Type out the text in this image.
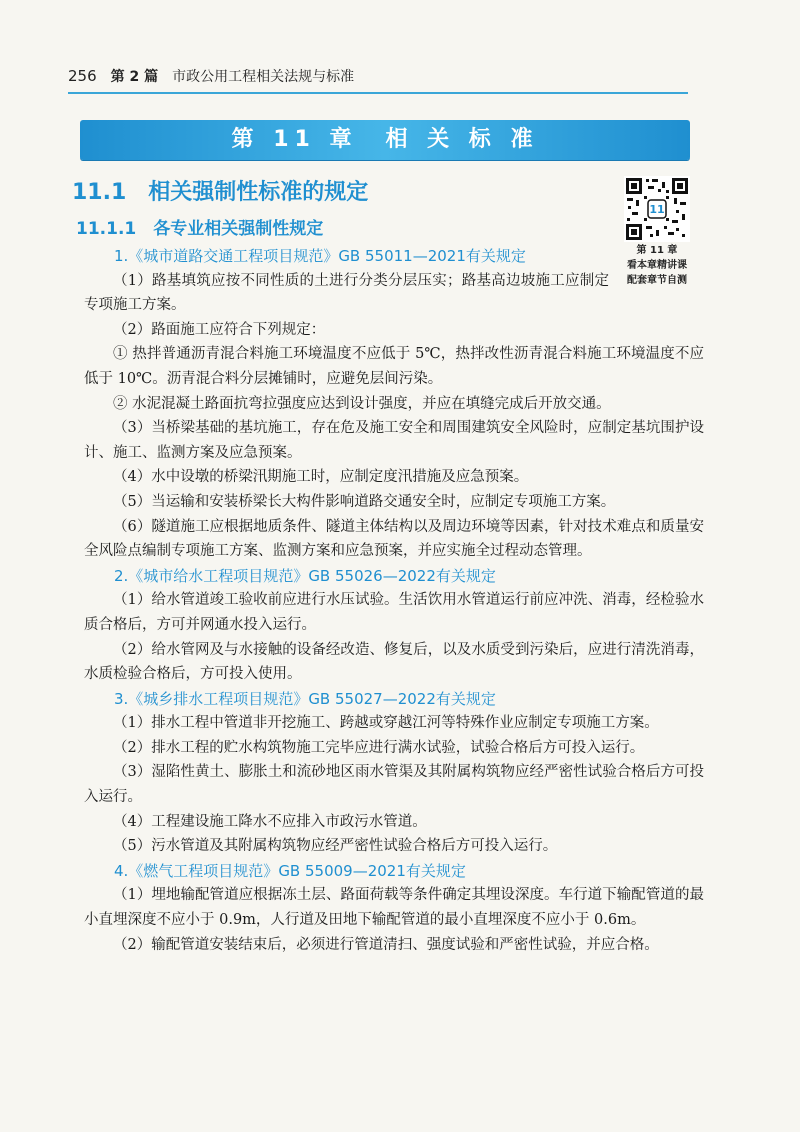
256 第 2 篇 市政公用工程相关法规与标准
第 11 章　相 关 标 准
11.1　相关强制性标准的规定
11.1.1　各专业相关强制性规定
11
第 11 章
看本章精讲课
配套章节自测

1.《城市道路交通工程项目规范》GB 55011—2021有关规定

（1）路基填筑应按不同性质的土进行分类分层压实；路基高边坡施工应制定专项施工方案。

（2）路面施工应符合下列规定：

① 热拌普通沥青混合料施工环境温度不应低于 5℃，热拌改性沥青混合料施工环境温度不应低于 10℃。沥青混合料分层摊铺时，应避免层间污染。

② 水泥混凝土路面抗弯拉强度应达到设计强度，并应在填缝完成后开放交通。

（3）当桥梁基础的基坑施工，存在危及施工安全和周围建筑安全风险时，应制定基坑围护设计、施工、监测方案及应急预案。

（4）水中设墩的桥梁汛期施工时，应制定度汛措施及应急预案。

（5）当运输和安装桥梁长大构件影响道路交通安全时，应制定专项施工方案。

（6）隧道施工应根据地质条件、隧道主体结构以及周边环境等因素，针对技术难点和质量安全风险点编制专项施工方案、监测方案和应急预案，并应实施全过程动态管理。

2.《城市给水工程项目规范》GB 55026—2022有关规定

（1）给水管道竣工验收前应进行水压试验。生活饮用水管道运行前应冲洗、消毒，经检验水质合格后，方可并网通水投入运行。

（2）给水管网及与水接触的设备经改造、修复后，以及水质受到污染后，应进行清洗消毒，水质检验合格后，方可投入使用。

3.《城乡排水工程项目规范》GB 55027—2022有关规定

（1）排水工程中管道非开挖施工、跨越或穿越江河等特殊作业应制定专项施工方案。

（2）排水工程的贮水构筑物施工完毕应进行满水试验，试验合格后方可投入运行。

（3）湿陷性黄土、膨胀土和流砂地区雨水管渠及其附属构筑物应经严密性试验合格后方可投入运行。

（4）工程建设施工降水不应排入市政污水管道。

（5）污水管道及其附属构筑物应经严密性试验合格后方可投入运行。

4.《燃气工程项目规范》GB 55009—2021有关规定

（1）埋地输配管道应根据冻土层、路面荷载等条件确定其埋设深度。车行道下输配管道的最小直埋深度不应小于 0.9m，人行道及田地下输配管道的最小直埋深度不应小于 0.6m。

（2）输配管道安装结束后，必须进行管道清扫、强度试验和严密性试验，并应合格。
